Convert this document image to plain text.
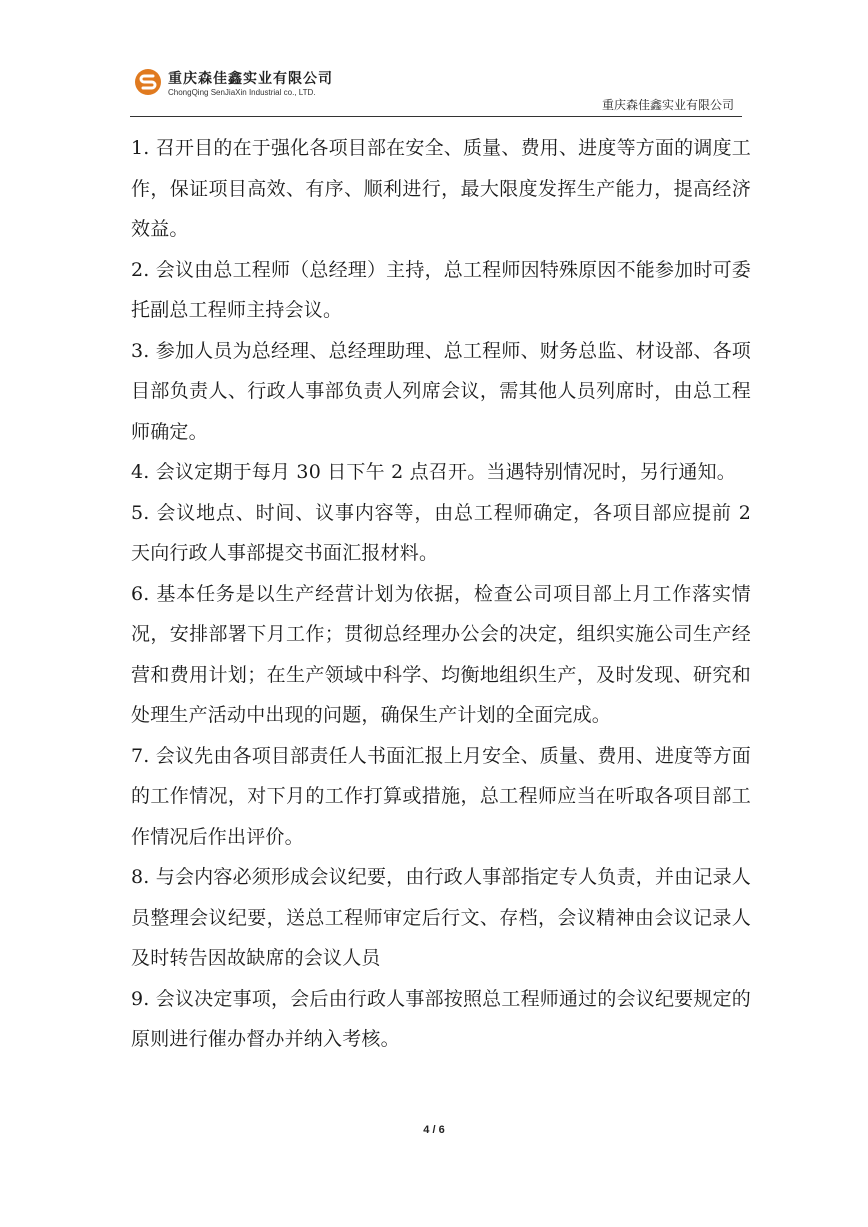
重庆森佳鑫实业有限公司
ChongQing SenJiaXin Industrial co., LTD.
重庆森佳鑫实业有限公司

1. 召开目的在于强化各项目部在安全、质量、费用、进度等方面的调度工作，保证项目高效、有序、顺利进行，最大限度发挥生产能力，提高经济效益。

2. 会议由总工程师（总经理）主持，总工程师因特殊原因不能参加时可委托副总工程师主持会议。

3. 参加人员为总经理、总经理助理、总工程师、财务总监、材设部、各项目部负责人、行政人事部负责人列席会议，需其他人员列席时，由总工程师确定。

4. 会议定期于每月 30 日下午 2 点召开。当遇特别情况时，另行通知。

5. 会议地点、时间、议事内容等，由总工程师确定，各项目部应提前 2 天向行政人事部提交书面汇报材料。

6. 基本任务是以生产经营计划为依据，检查公司项目部上月工作落实情况，安排部署下月工作；贯彻总经理办公会的决定，组织实施公司生产经营和费用计划；在生产领域中科学、均衡地组织生产，及时发现、研究和处理生产活动中出现的问题，确保生产计划的全面完成。

7. 会议先由各项目部责任人书面汇报上月安全、质量、费用、进度等方面的工作情况，对下月的工作打算或措施，总工程师应当在听取各项目部工作情况后作出评价。

8. 与会内容必须形成会议纪要，由行政人事部指定专人负责，并由记录人员整理会议纪要，送总工程师审定后行文、存档，会议精神由会议记录人及时转告因故缺席的会议人员

9. 会议决定事项，会后由行政人事部按照总工程师通过的会议纪要规定的原则进行催办督办并纳入考核。

4 / 6
